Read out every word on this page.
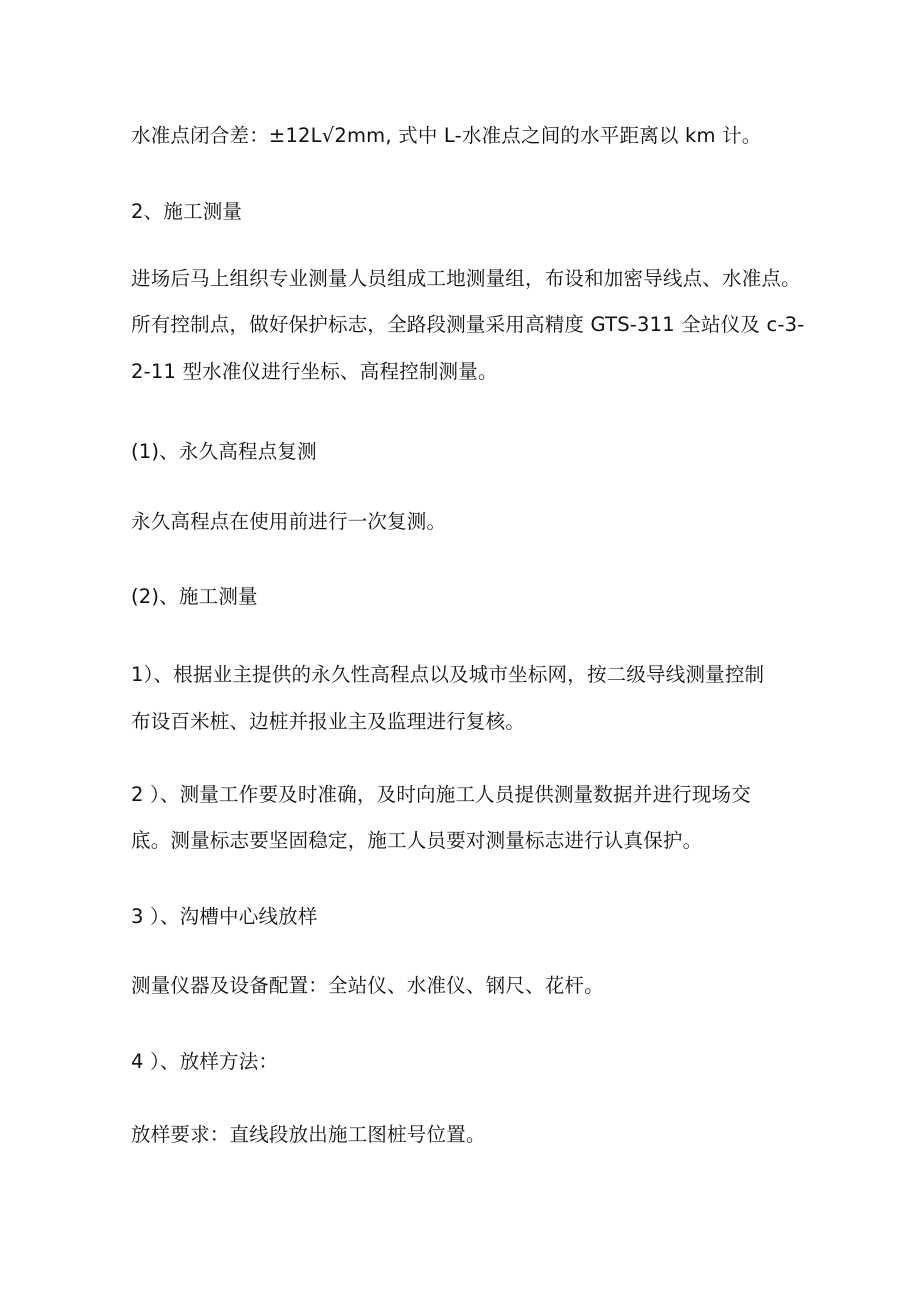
水准点闭合差：±12L√2mm, 式中 L-水准点之间的水平距离以 km 计。
2、施工测量
进场后马上组织专业测量人员组成工地测量组，布设和加密导线点、水准点。
所有控制点，做好保护标志，全路段测量采用高精度 GTS-311 全站仪及 c-3-
2-11 型水准仪进行坐标、高程控制测量。
(1)、永久高程点复测
永久高程点在使用前进行一次复测。
(2)、施工测量
1）、根据业主提供的永久性高程点以及城市坐标网，按二级导线测量控制
布设百米桩、边桩并报业主及监理进行复核。
2 ）、测量工作要及时准确，及时向施工人员提供测量数据并进行现场交
底。测量标志要坚固稳定，施工人员要对测量标志进行认真保护。
3 ）、沟槽中心线放样
测量仪器及设备配置：全站仪、水准仪、钢尺、花杆。
4 ）、放样方法：
放样要求：直线段放出施工图桩号位置。
